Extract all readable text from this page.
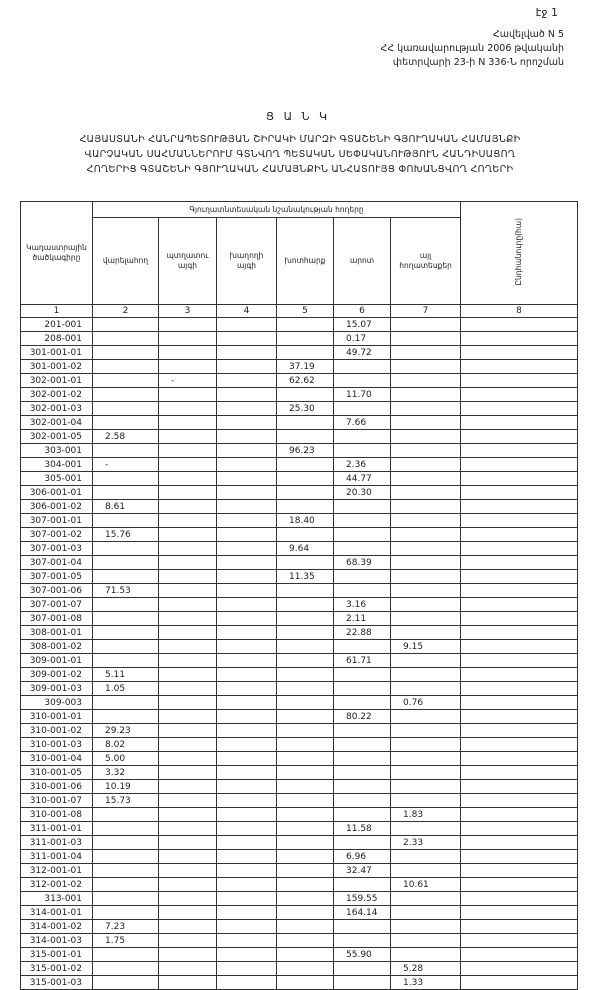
էջ 1
Հավելված N 5
ՀՀ կառավարության 2006 թվականի
փետրվարի 23-ի N 336-Ն որոշման
Ց Ա Ն Կ
ՀԱՅԱՍՏԱՆԻ ՀԱՆՐԱՊԵՏՈՒԹՅԱՆ ՇԻՐԱԿԻ ՄԱՐԶԻ ԳՏԱՇԵՆԻ ԳՅՈՒՂԱԿԱՆ ՀԱՄԱՅՆՔԻ
ՎԱՐՉԱԿԱՆ ՍԱՀՄԱՆՆԵՐՈՒՄ ԳՏՆՎՈՂ ՊԵՏԱԿԱՆ ՍԵՓԱԿԱՆՈՒԹՅՈՒՆ ՀԱՆԴԻՍԱՑՈՂ
ՀՈՂԵՐԻՑ ԳՏԱՇԵՆԻ ԳՅՈՒՂԱԿԱՆ ՀԱՄԱՅՆՔԻՆ ԱՆՀԱՏՈՒՅՑ ՓՈԽԱՆՑՎՈՂ ՀՈՂԵՐԻ
Կադաստրային ծածկագիրը	Գյուղատնտեսական նշանակության հողերը						Ընդհանուրը(հա)
	վարելահող	պտղատու այգի	խաղողի այգի	խոտհարք	արոտ	այլ հողատեսքեր	
1	2	3	4	5	6	7	8
201-001					15.07		
208-001					0.17		
301-001-01					49.72		
301-001-02				37.19			
302-001-01		-		62.62			
302-001-02					11.70		
302-001-03				25.30			
302-001-04					7.66		
302-001-05	2.58						
303-001				96.23			
304-001	-				2.36		
305-001					44.77		
306-001-01					20.30		
306-001-02	8.61						
307-001-01				18.40			
307-001-02	15.76						
307-001-03				9.64			
307-001-04					68.39		
307-001-05				11.35			
307-001-06	71.53						
307-001-07					3.16		
307-001-08					2.11		
308-001-01					22.88		
308-001-02						9.15	
309-001-01					61.71		
309-001-02	5.11						
309-001-03	1.05						
309-003						0.76	
310-001-01					80.22		
310-001-02	29.23						
310-001-03	8.02						
310-001-04	5.00						
310-001-05	3.32						
310-001-06	10.19						
310-001-07	15.73						
310-001-08						1.83	
311-001-01					11.58		
311-001-03						2.33	
311-001-04					6.96		
312-001-01					32.47		
312-001-02						10.61	
313-001					159.55		
314-001-01					164.14		
314-001-02	7.23						
314-001-03	1.75						
315-001-01					55.90		
315-001-02						5.28	
315-001-03						1.33	
